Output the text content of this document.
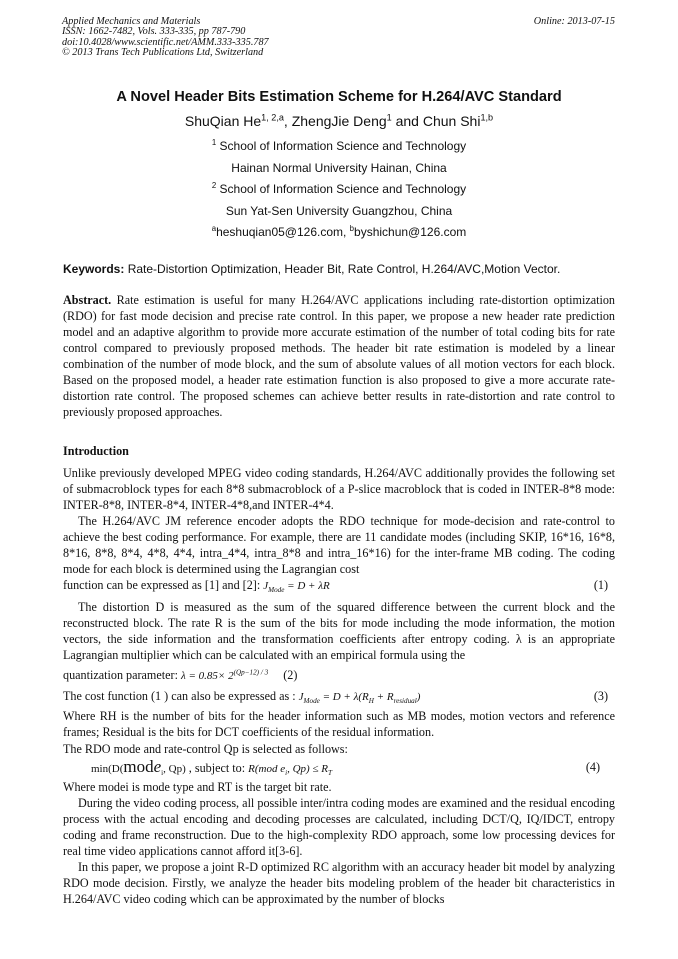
Applied Mechanics and Materials
ISSN: 1662-7482, Vols. 333-335, pp 787-790
doi:10.4028/www.scientific.net/AMM.333-335.787
© 2013 Trans Tech Publications Ltd, Switzerland
Online: 2013-07-15
A Novel Header Bits Estimation Scheme for H.264/AVC Standard
ShuQian He$^{1, 2,a}$, ZhengJie Deng$^1$ and Chun Shi$^{1,b}$
$^1$ School of Information Science and Technology
Hainan Normal University Hainan, China
$^2$ School of Information Science and Technology
Sun Yat-Sen University Guangzhou, China
$^a$heshuqian05@126.com, $^b$byshichun@126.com
Keywords: Rate-Distortion Optimization, Header Bit, Rate Control, H.264/AVC,Motion Vector.
Abstract. Rate estimation is useful for many H.264/AVC applications including rate-distortion optimization (RDO) for fast mode decision and precise rate control. In this paper, we propose a new header rate prediction model and an adaptive algorithm to provide more accurate estimation of the number of total coding bits for rate control compared to previously proposed methods. The header bit rate estimation is modeled by a linear combination of the number of mode block, and the sum of absolute values of all motion vectors for each block. Based on the proposed model, a header rate estimation function is also proposed to give a more accurate rate-distortion rate control. The proposed schemes can achieve better results in rate-distortion and rate control to previously proposed approaches.
Introduction
Unlike previously developed MPEG video coding standards, H.264/AVC additionally provides the following set of submacroblock types for each 8*8 submacroblock of a P-slice macroblock that is coded in INTER-8*8 mode: INTER-8*8, INTER-8*4, INTER-4*8,and INTER-4*4.
The H.264/AVC JM reference encoder adopts the RDO technique for mode-decision and rate-control to achieve the best coding performance. For example, there are 11 candidate modes (including SKIP, 16*16, 16*8, 8*16, 8*8, 8*4, 4*8, 4*4, intra_4*4, intra_8*8 and intra_16*16) for the inter-frame MB coding. The coding mode for each block is determined using the Lagrangian cost
function can be expressed as [1] and [2]: $J_{Mode} = D + \lambda R$	(1)
The distortion D is measured as the sum of the squared difference between the current block and the reconstructed block. The rate R is the sum of the bits for mode including the mode information, the motion vectors, the side information and the transformation coefficients after entropy coding. λ is an appropriate Lagrangian multiplier which can be calculated with an empirical formula using the
quantization parameter: $\lambda = 0.85\times 2^{(Qp-12) / 3}$ (2)
The cost function (1 ) can also be expressed as : $J_{Mode} = D + \lambda(R_H + R_{residual})$	(3)
Where RH is the number of bits for the header information such as MB modes, motion vectors and reference frames; Residual is the bits for DCT coefficients of the residual information.
The RDO mode and rate-control Qp is selected as follows:
min(D(mode$_i$, Qp) , subject to: R(mod $e_i$, $Qp) \le R_T$	(4)
Where modei is mode type and RT is the target bit rate.
During the video coding process, all possible inter/intra coding modes are examined and the residual encoding process with the actual encoding and decoding processes are calculated, including DCT/Q, IQ/IDCT, entropy coding and frame reconstruction. Due to the high-complexity RDO approach, some low processing devices for real time video applications cannot afford it[3-6].
In this paper, we propose a joint R-D optimized RC algorithm with an accuracy header bit model by analyzing RDO mode decision. Firstly, we analyze the header bits modeling problem of the header bit characteristics in H.264/AVC video coding which can be approximated by the number of blocks
